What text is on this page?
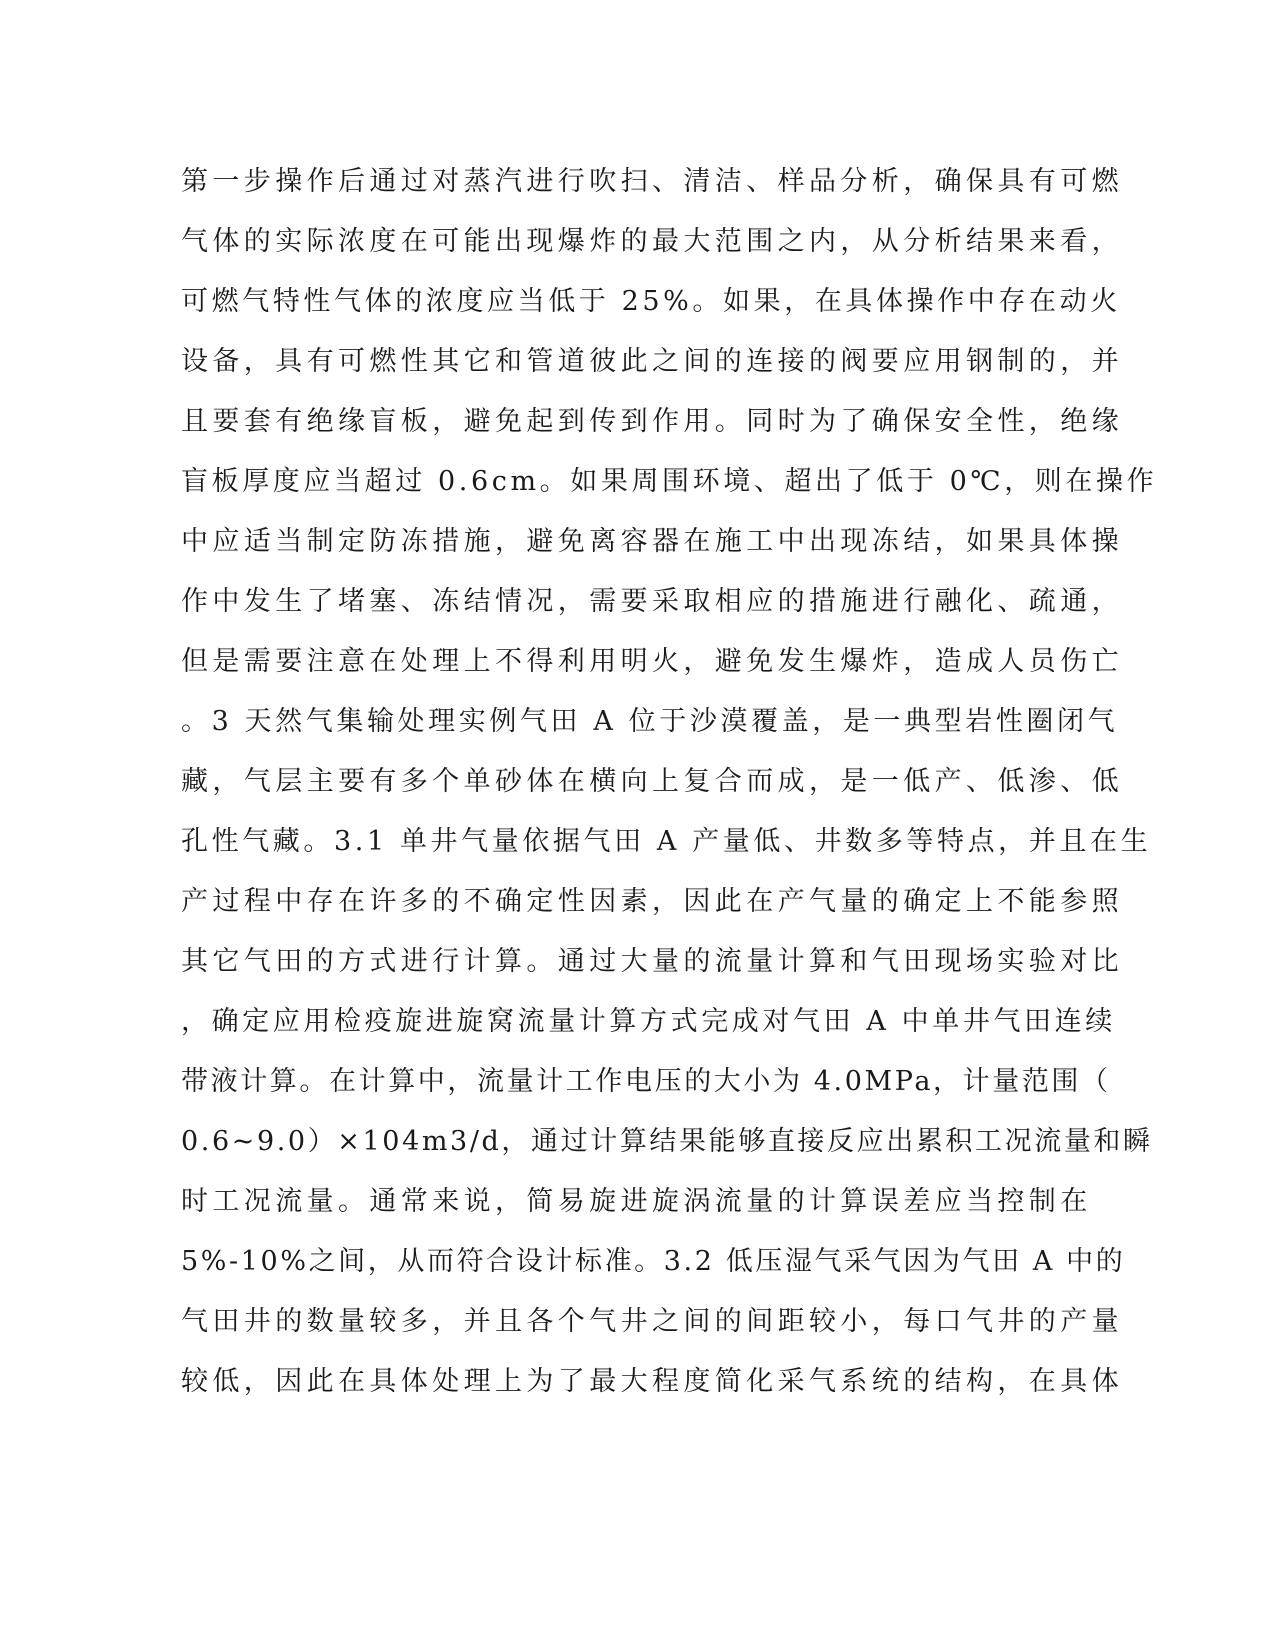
第一步操作后通过对蒸汽进行吹扫、清洁、样品分析，确保具有可燃
气体的实际浓度在可能出现爆炸的最大范围之内，从分析结果来看，
可燃气特性气体的浓度应当低于 25%。如果，在具体操作中存在动火
设备，具有可燃性其它和管道彼此之间的连接的阀要应用钢制的，并
且要套有绝缘盲板，避免起到传到作用。同时为了确保安全性，绝缘
盲板厚度应当超过 0.6cm。如果周围环境、超出了低于 0℃，则在操作
中应适当制定防冻措施，避免离容器在施工中出现冻结，如果具体操
作中发生了堵塞、冻结情况，需要采取相应的措施进行融化、疏通，
但是需要注意在处理上不得利用明火，避免发生爆炸，造成人员伤亡
。3 天然气集输处理实例气田 A 位于沙漠覆盖，是一典型岩性圈闭气
藏，气层主要有多个单砂体在横向上复合而成，是一低产、低渗、低
孔性气藏。3.1 单井气量依据气田 A 产量低、井数多等特点，并且在生
产过程中存在许多的不确定性因素，因此在产气量的确定上不能参照
其它气田的方式进行计算。通过大量的流量计算和气田现场实验对比
，确定应用检疫旋进旋窝流量计算方式完成对气田 A 中单井气田连续
带液计算。在计算中，流量计工作电压的大小为 4.0MPa，计量范围（
0.6~9.0）×104m3/d，通过计算结果能够直接反应出累积工况流量和瞬
时工况流量。通常来说，简易旋进旋涡流量的计算误差应当控制在
5%-10%之间，从而符合设计标准。3.2 低压湿气采气因为气田 A 中的
气田井的数量较多，并且各个气井之间的间距较小，每口气井的产量
较低，因此在具体处理上为了最大程度简化采气系统的结构，在具体
